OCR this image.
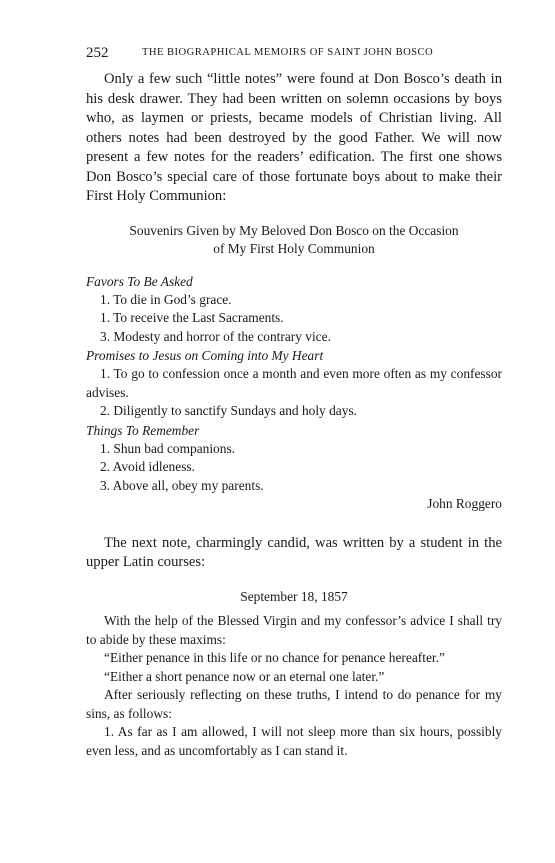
252	THE BIOGRAPHICAL MEMOIRS OF SAINT JOHN BOSCO

Only a few such “little notes” were found at Don Bosco’s death in his desk drawer. They had been written on solemn occasions by boys who, as laymen or priests, became models of Christian living. All others notes had been destroyed by the good Father. We will now present a few notes for the readers’ edification. The first one shows Don Bosco’s special care of those fortunate boys about to make their First Holy Communion:

Souvenirs Given by My Beloved Don Bosco on the Occasion

of My First Holy Communion

Favors To Be Asked

1. To die in God’s grace.

1. To receive the Last Sacraments.

3. Modesty and horror of the contrary vice.

Promises to Jesus on Coming into My Heart

1. To go to confession once a month and even more often as my confessor advises.

2. Diligently to sanctify Sundays and holy days.

Things To Remember

1. Shun bad companions.

2. Avoid idleness.

3. Above all, obey my parents.

John Roggero

The next note, charmingly candid, was written by a student in the upper Latin courses:

September 18, 1857

With the help of the Blessed Virgin and my confessor’s advice I shall try to abide by these maxims:

“Either penance in this life or no chance for penance hereafter.”

“Either a short penance now or an eternal one later.”

After seriously reflecting on these truths, I intend to do penance for my sins, as follows:

1. As far as I am allowed, I will not sleep more than six hours, possibly even less, and as uncomfortably as I can stand it.
